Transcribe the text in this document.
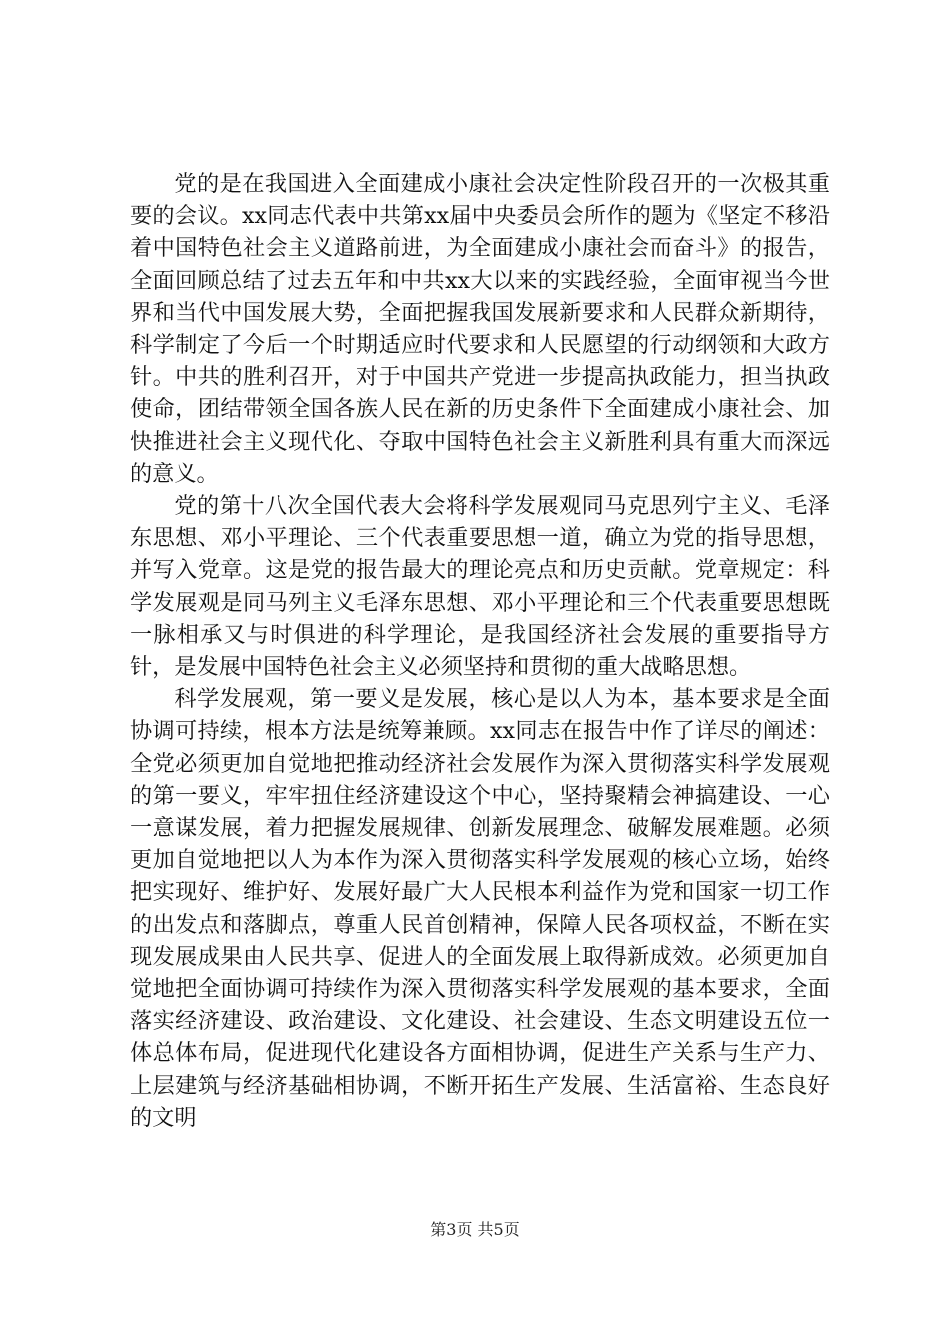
党的是在我国进入全面建成小康社会决定性阶段召开的一次极其重要的会议。xx同志代表中共第xx届中央委员会所作的题为《坚定不移沿着中国特色社会主义道路前进，为全面建成小康社会而奋斗》的报告，全面回顾总结了过去五年和中共xx大以来的实践经验，全面审视当今世界和当代中国发展大势，全面把握我国发展新要求和人民群众新期待，科学制定了今后一个时期适应时代要求和人民愿望的行动纲领和大政方针。中共的胜利召开，对于中国共产党进一步提高执政能力，担当执政使命，团结带领全国各族人民在新的历史条件下全面建成小康社会、加快推进社会主义现代化、夺取中国特色社会主义新胜利具有重大而深远的意义。

党的第十八次全国代表大会将科学发展观同马克思列宁主义、毛泽东思想、邓小平理论、三个代表重要思想一道，确立为党的指导思想，并写入党章。这是党的报告最大的理论亮点和历史贡献。党章规定：科学发展观是同马列主义毛泽东思想、邓小平理论和三个代表重要思想既一脉相承又与时俱进的科学理论，是我国经济社会发展的重要指导方针，是发展中国特色社会主义必须坚持和贯彻的重大战略思想。

科学发展观，第一要义是发展，核心是以人为本，基本要求是全面协调可持续，根本方法是统筹兼顾。xx同志在报告中作了详尽的阐述：全党必须更加自觉地把推动经济社会发展作为深入贯彻落实科学发展观的第一要义，牢牢扭住经济建设这个中心，坚持聚精会神搞建设、一心一意谋发展，着力把握发展规律、创新发展理念、破解发展难题。必须更加自觉地把以人为本作为深入贯彻落实科学发展观的核心立场，始终把实现好、维护好、发展好最广大人民根本利益作为党和国家一切工作的出发点和落脚点，尊重人民首创精神，保障人民各项权益，不断在实现发展成果由人民共享、促进人的全面发展上取得新成效。必须更加自觉地把全面协调可持续作为深入贯彻落实科学发展观的基本要求，全面落实经济建设、政治建设、文化建设、社会建设、生态文明建设五位一体总体布局，促进现代化建设各方面相协调，促进生产关系与生产力、上层建筑与经济基础相协调，不断开拓生产发展、生活富裕、生态良好的文明

第3页 共5页
